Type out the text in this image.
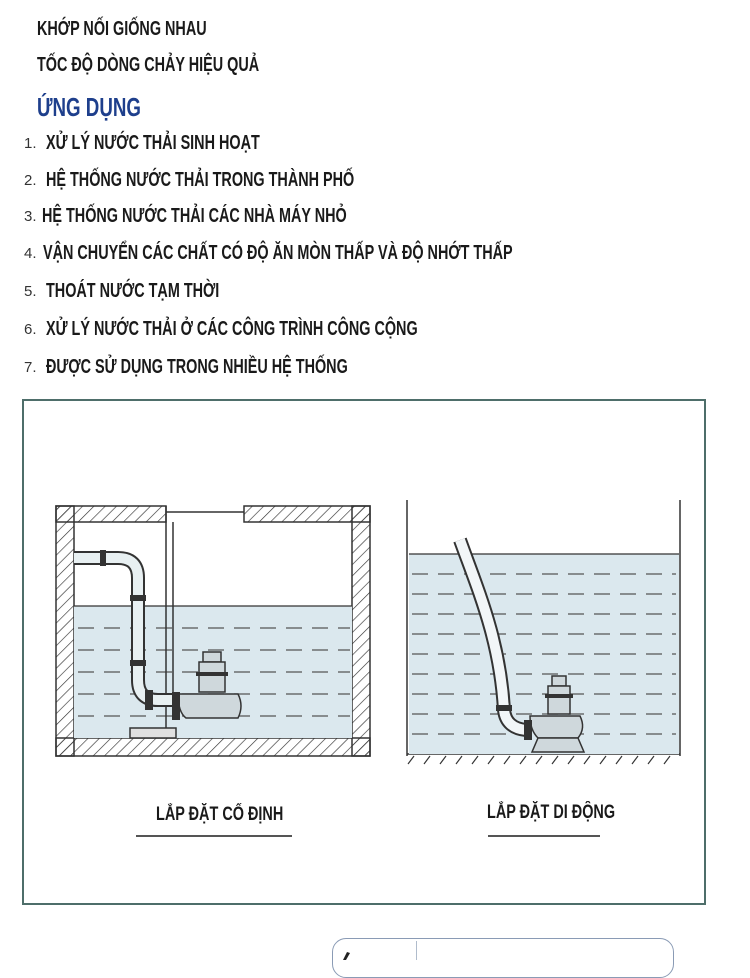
KHỚP NỐI GIỐNG NHAU
TỐC ĐỘ DÒNG CHẢY HIỆU QUẢ
ỨNG DỤNG
1. XỬ LÝ NƯỚC THẢI SINH HOẠT
2. HỆ THỐNG NƯỚC THẢI TRONG THÀNH PHỐ
3. HỆ THỐNG NƯỚC THẢI CÁC NHÀ MÁY NHỎ
4. VẬN CHUYỂN CÁC CHẤT CÓ ĐỘ ĂN MÒN THẤP VÀ ĐỘ NHỚT THẤP
5. THOÁT NƯỚC TẠM THỜI
6. XỬ LÝ NƯỚC THẢI Ở CÁC CÔNG TRÌNH CÔNG CỘNG
7. ĐƯỢC SỬ DỤNG TRONG NHIỀU HỆ THỐNG
LẮP ĐẶT CỐ ĐỊNH	LẮP ĐẶT DI ĐỘNG
